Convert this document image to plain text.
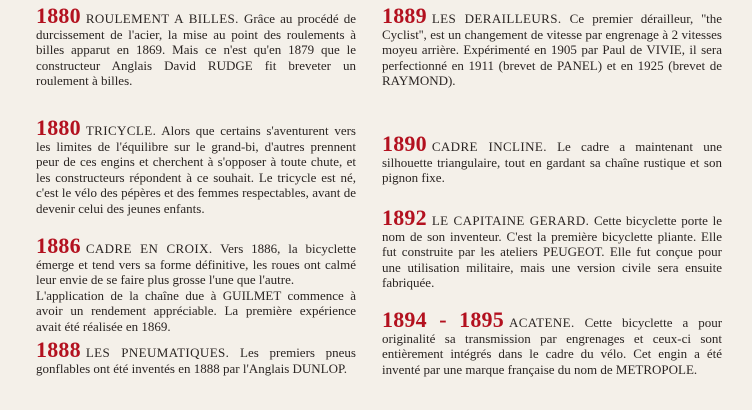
1880 ROULEMENT A BILLES. Grâce au procédé de durcissement de l'acier, la mise au point des roulements à billes apparut en 1869. Mais ce n'est qu'en 1879 que le constructeur Anglais David RUDGE fit breveter un roulement à billes.
1880 TRICYCLE. Alors que certains s'aventurent vers les limites de l'équilibre sur le grand-bi, d'autres prennent peur de ces engins et cherchent à s'opposer à toute chute, et les constructeurs répondent à ce souhait. Le tricycle est né, c'est le vélo des pépères et des femmes respectables, avant de devenir celui des jeunes enfants.
1886 CADRE EN CROIX. Vers 1886, la bicyclette émerge et tend vers sa forme définitive, les roues ont calmé leur envie de se faire plus grosse l'une que l'autre.
L'application de la chaîne due à GUILMET commence à avoir un rendement appréciable. La première expérience avait été réalisée en 1869.
1888 LES PNEUMATIQUES. Les premiers pneus gonflables ont été inventés en 1888 par l'Anglais DUNLOP.
1889 LES DERAILLEURS. Ce premier dérailleur, ''the Cyclist'', est un changement de vitesse par engrenage à 2 vitesses moyeu arrière. Expérimenté en 1905 par Paul de VIVIE, il sera perfectionné en 1911 (brevet de PANEL) et en 1925 (brevet de RAYMOND).
1890 CADRE INCLINE. Le cadre a maintenant une silhouette triangulaire, tout en gardant sa chaîne rustique et son pignon fixe.
1892 LE CAPITAINE GERARD. Cette bicyclette porte le nom de son inventeur. C'est la première bicyclette pliante. Elle fut construite par les ateliers PEUGEOT. Elle fut conçue pour une utilisation militaire, mais une version civile sera ensuite fabriquée.
1894 - 1895 ACATENE. Cette bicyclette a pour originalité sa transmission par engrenages et ceux-ci sont entièrement intégrés dans le cadre du vélo. Cet engin a été inventé par une marque française du nom de METROPOLE.
